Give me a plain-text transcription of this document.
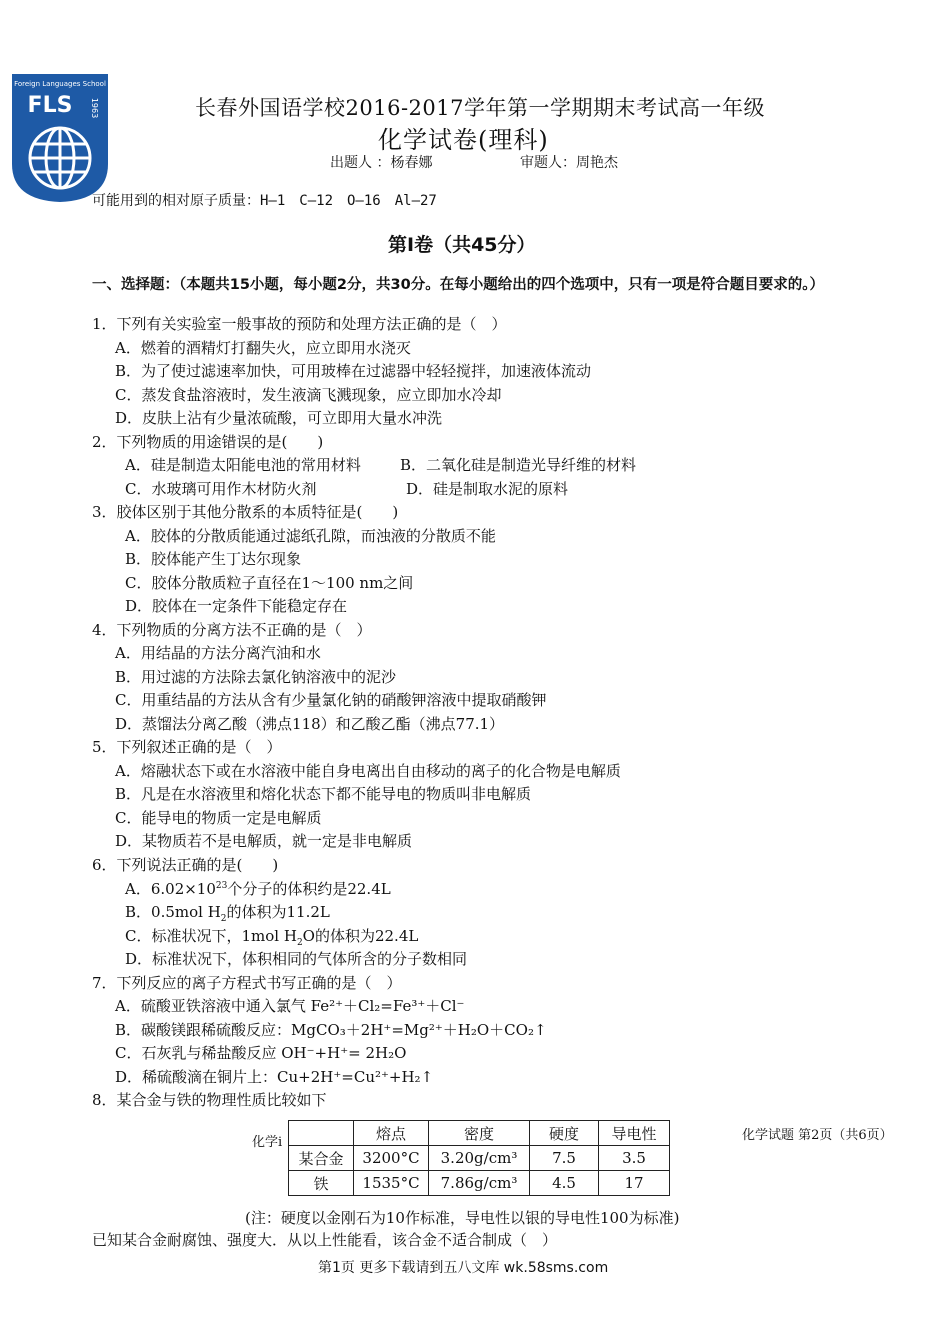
Foreign Languages School
FLS 1963	长春外国语学校2016-2017学年第一学期期末考试高一年级
化学试卷(理科)
出题人 ：杨春娜	审题人：周艳杰
可能用到的相对原子质量：H—1　C—12　O—16　Al—27
第Ⅰ卷（共45分）
一、选择题：（本题共15小题，每小题2分，共30分。在每小题给出的四个选项中，只有一项是符合题目要求的。）
1．下列有关实验室一般事故的预防和处理方法正确的是（　）
A．燃着的酒精灯打翻失火，应立即用水浇灭
B．为了使过滤速率加快，可用玻棒在过滤器中轻轻搅拌，加速液体流动
C．蒸发食盐溶液时，发生液滴飞溅现象，应立即加水冷却
D．皮肤上沾有少量浓硫酸，可立即用大量水冲洗
2．下列物质的用途错误的是(　　)
A．硅是制造太阳能电池的常用材料	B．二氧化硅是制造光导纤维的材料
C．水玻璃可用作木材防火剂	D．硅是制取水泥的原料
3．胶体区别于其他分散系的本质特征是(　　)
A．胶体的分散质能通过滤纸孔隙，而浊液的分散质不能
B．胶体能产生丁达尔现象
C．胶体分散质粒子直径在1～100 nm之间
D．胶体在一定条件下能稳定存在
4．下列物质的分离方法不正确的是（　）
A．用结晶的方法分离汽油和水
B．用过滤的方法除去氯化钠溶液中的泥沙
C．用重结晶的方法从含有少量氯化钠的硝酸钾溶液中提取硝酸钾
D．蒸馏法分离乙酸（沸点118）和乙酸乙酯（沸点77.1）
5．下列叙述正确的是（　）
A．熔融状态下或在水溶液中能自身电离出自由移动的离子的化合物是电解质
B．凡是在水溶液里和熔化状态下都不能导电的物质叫非电解质
C．能导电的物质一定是电解质
D．某物质若不是电解质，就一定是非电解质
6．下列说法正确的是(　　)
A．$6.02\times 10^{23}$个分子的体积约是22.4L
B．0.5mol $H_2$的体积为11.2L
C．标准状况下，1mol $H_2O$的体积为22.4L
D．标准状况下，体积相同的气体所含的分子数相同
7．下列反应的离子方程式书写正确的是（　）
A．硫酸亚铁溶液中通入氯气 Fe²⁺＋Cl₂=Fe³⁺＋Cl⁻
B．碳酸镁跟稀硫酸反应：MgCO₃＋2H⁺=Mg²⁺＋H₂O＋CO₂↑
C．石灰乳与稀盐酸反应 OH⁻+H⁺= 2H₂O
D．稀硫酸滴在铜片上：Cu+2H⁺=Cu²⁺+H₂↑
8．某合金与铁的物理性质比较如下
化学i	化学试题 第2页（共6页）
	熔点	密度	硬度	导电性
某合金	3200°C	3.20g/cm³	7.5	3.5
铁	1535°C	7.86g/cm³	4.5	17
(注：硬度以金刚石为10作标准，导电性以银的导电性100为标准)
已知某合金耐腐蚀、强度大．从以上性能看，该合金不适合制成（　）
第1页 更多下载请到五八文库 wk.58sms.com
